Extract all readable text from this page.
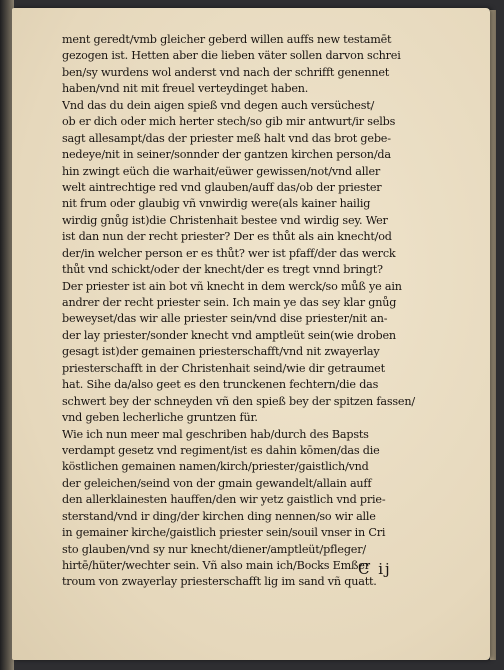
ment geredt/vmb gleicher geberd willen auffs new testamēt
gezogen ist. Hetten aber die lieben väter sollen darvon schrei
ben/sy wurdens wol anderst vnd nach der schrifft genennet
haben/vnd nit mit freuel verteydinget haben.
Vnd das du dein aigen spieß vnd degen auch versüchest/
ob er dich oder mich herter stech/so gib mir antwurt/ir selbs
sagt allesampt/das der priester meß halt vnd das brot gebe-
nedeye/nit in seiner/sonnder der gantzen kirchen person/da
hin zwingt eüch die warhait/eüwer gewissen/not/vnd aller
welt aintrechtige red vnd glauben/auff das/ob der priester
nit frum oder glaubig vñ vnwirdig were(als kainer hailig
wirdig gnůg ist)die Christenhait bestee vnd wirdig sey. Wer
ist dan nun der recht priester? Der es thůt als ain knecht/od
der/in welcher person er es thůt? wer ist pfaff/der das werck
thůt vnd schickt/oder der knecht/der es tregt vnnd bringt?
Der priester ist ain bot vñ knecht in dem werck/so můß ye ain
andrer der recht priester sein. Ich main ye das sey klar gnůg
beweyset/das wir alle priester sein/vnd dise priester/nit an-
der lay priester/sonder knecht vnd amptleüt sein(wie droben
gesagt ist)der gemainen priesterschafft/vnd nit zwayerlay
priesterschafft in der Christenhait seind/wie dir getraumet
hat. Sihe da/also geet es den trunckenen fechtern/die das
schwert bey der schneyden vñ den spieß bey der spitzen fassen/
vnd geben lecherliche gruntzen für.
Wie ich nun meer mal geschriben hab/durch des Bapsts
verdampt gesetz vnd regiment/ist es dahin kōmen/das die
köstlichen gemainen namen/kirch/priester/gaistlich/vnd
der geleichen/seind von der gmain gewandelt/allain auff
den allerklainesten hauffen/den wir yetz gaistlich vnd prie-
sterstand/vnd ir ding/der kirchen ding nennen/so wir alle
in gemainer kirche/gaistlich priester sein/souil vnser in Cri
sto glauben/vnd sy nur knecht/diener/amptleüt/pfleger/
hirtē/hüter/wechter sein. Vñ also main ich/Bocks Emßer
troum von zwayerlay priesterschafft lig im sand vñ quatt.
C ij
